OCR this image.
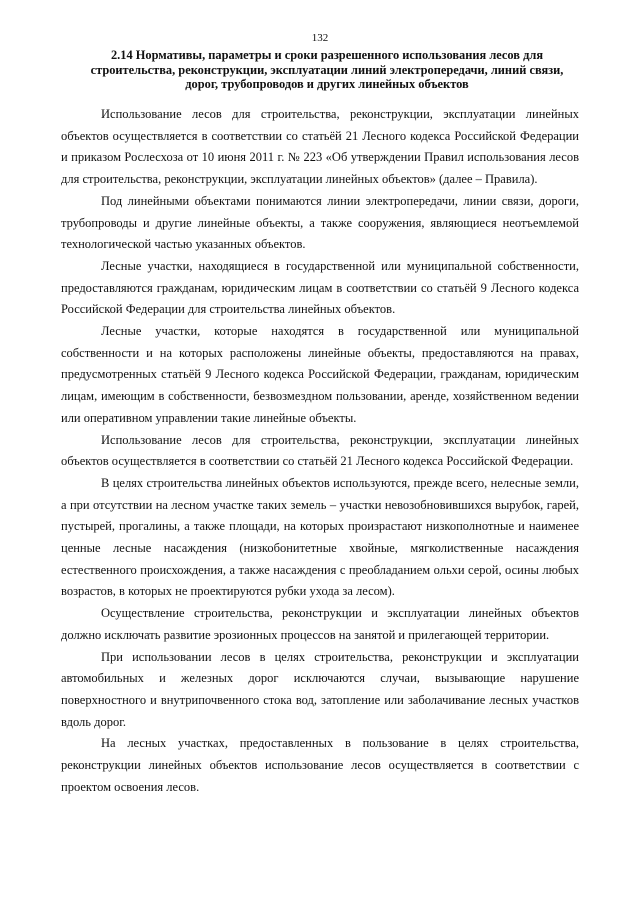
132
2.14 Нормативы, параметры и сроки разрешенного использования лесов для строительства, реконструкции, эксплуатации линий электропередачи, линий связи, дорог, трубопроводов и других линейных объектов

Использование лесов для строительства, реконструкции, эксплуатации линейных объектов осуществляется в соответствии со статьёй 21 Лесного кодекса Российской Федерации и приказом Рослесхоза от 10 июня 2011 г. № 223 «Об утверждении Правил использования лесов для строительства, реконструкции, эксплуатации линейных объектов» (далее – Правила).

Под линейными объектами понимаются линии электропередачи, линии связи, дороги, трубопроводы и другие линейные объекты, а также сооружения, являющиеся неотъемлемой технологической частью указанных объектов.

Лесные участки, находящиеся в государственной или муниципальной собственности, предоставляются гражданам, юридическим лицам в соответствии со статьёй 9 Лесного кодекса Российской Федерации для строительства линейных объектов.

Лесные участки, которые находятся в государственной или муниципальной собственности и на которых расположены линейные объекты, предоставляются на правах, предусмотренных статьёй 9 Лесного кодекса Российской Федерации, гражданам, юридическим лицам, имеющим в собственности, безвозмездном пользовании, аренде, хозяйственном ведении или оперативном управлении такие линейные объекты.

Использование лесов для строительства, реконструкции, эксплуатации линейных объектов осуществляется в соответствии со статьёй 21 Лесного кодекса Российской Федерации.

В целях строительства линейных объектов используются, прежде всего, нелесные земли, а при отсутствии на лесном участке таких земель – участки невозобновившихся вырубок, гарей, пустырей, прогалины, а также площади, на которых произрастают низкополнотные и наименее ценные лесные насаждения (низкобонитетные хвойные, мягколиственные насаждения естественного происхождения, а также насаждения с преобладанием ольхи серой, осины любых возрастов, в которых не проектируются рубки ухода за лесом).

Осуществление строительства, реконструкции и эксплуатации линейных объектов должно исключать развитие эрозионных процессов на занятой и прилегающей территории.

При использовании лесов в целях строительства, реконструкции и эксплуатации автомобильных и железных дорог исключаются случаи, вызывающие нарушение поверхностного и внутрипочвенного стока вод, затопление или заболачивание лесных участков вдоль дорог.

На лесных участках, предоставленных в пользование в целях строительства, реконструкции линейных объектов использование лесов осуществляется в соответствии с проектом освоения лесов.
